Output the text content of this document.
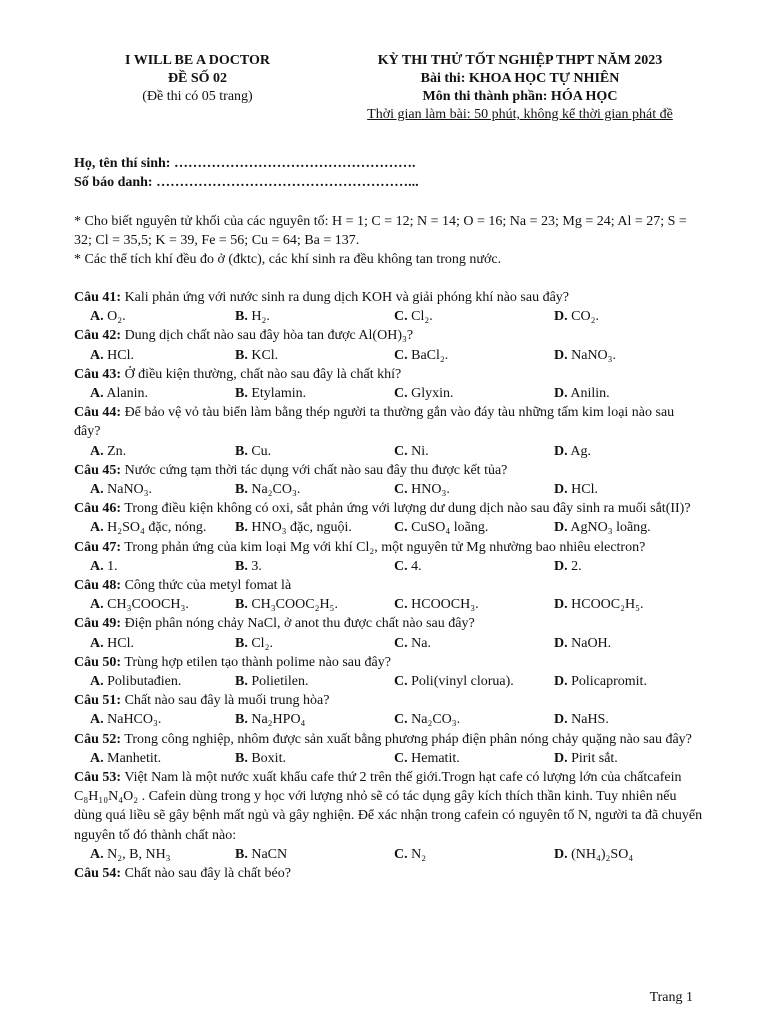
I WILL BE A DOCTOR
ĐỀ SỐ 02
(Đề thi có 05 trang)
KỲ THI THỬ TỐT NGHIỆP THPT NĂM 2023
Bài thi: KHOA HỌC TỰ NHIÊN
Môn thi thành phần: HÓA HỌC
Thời gian làm bài: 50 phút, không kể thời gian phát đề
Họ, tên thí sinh: …………………………………………….
Số báo danh: ………………………………………………...
* Cho biết nguyên tử khối của các nguyên tố: H = 1; C = 12; N = 14; O = 16; Na = 23; Mg = 24; Al = 27; S = 32; Cl = 35,5; K = 39, Fe = 56; Cu = 64; Ba = 137.
* Các thể tích khí đều đo ở (đktc), các khí sinh ra đều không tan trong nước.
Câu 41: Kali phản ứng với nước sinh ra dung dịch KOH và giải phóng khí nào sau đây?
A. O₂.	B. H₂.	C. Cl₂.	D. CO₂.
Câu 42: Dung dịch chất nào sau đây hòa tan được Al(OH)₃?
A. HCl.	B. KCl.	C. BaCl₂.	D. NaNO₃.
Câu 43: Ở điều kiện thường, chất nào sau đây là chất khí?
A. Alanin.	B. Etylamin.	C. Glyxin.	D. Anilin.
Câu 44: Để bảo vệ vỏ tàu biển làm bằng thép người ta thường gắn vào đáy tàu những tấm kim loại nào sau đây?
A. Zn.	B. Cu.	C. Ni.	D. Ag.
Câu 45: Nước cứng tạm thời tác dụng với chất nào sau đây thu được kết tủa?
A. NaNO₃.	B. Na₂CO₃.	C. HNO₃.	D. HCl.
Câu 46: Trong điều kiện không có oxi, sắt phản ứng với lượng dư dung dịch nào sau đây sinh ra muối sắt(II)?
A. H₂SO₄ đặc, nóng.	B. HNO₃ đặc, nguội.	C. CuSO₄ loãng.	D. AgNO₃ loãng.
Câu 47: Trong phản ứng của kim loại Mg với khí Cl₂, một nguyên tử Mg nhường bao nhiêu electron?
A. 1.	B. 3.	C. 4.	D. 2.
Câu 48: Công thức của metyl fomat là
A. CH₃COOCH₃.	B. CH₃COOC₂H₅.	C. HCOOCH₃.	D. HCOOC₂H₅.
Câu 49: Điện phân nóng chảy NaCl, ở anot thu được chất nào sau đây?
A. HCl.	B. Cl₂.	C. Na.	D. NaOH.
Câu 50: Trùng hợp etilen tạo thành polime nào sau đây?
A. Polibutađien.	B. Polietilen.	C. Poli(vinyl clorua).	D. Policapromit.
Câu 51: Chất nào sau đây là muối trung hòa?
A. NaHCO₃.	B. Na₂HPO₄	C. Na₂CO₃.	D. NaHS.
Câu 52: Trong công nghiệp, nhôm được sản xuất bằng phương pháp điện phân nóng chảy quặng nào sau đây?
A. Manhetit.	B. Boxit.	C. Hematit.	D. Pirit sắt.
Câu 53: Việt Nam là một nước xuất khẩu cafe thứ 2 trên thế giới.Trogn hạt cafe có lượng lớn của chấtcafein C₈H₁₀N₄O₂ . Cafein dùng trong y học với lượng nhỏ sẽ có tác dụng gây kích thích thần kinh. Tuy nhiên nếu dùng quá liều sẽ gây bệnh mất ngủ và gây nghiện. Để xác nhận trong cafein có nguyên tố N, người ta đã chuyển nguyên tố đó thành chất nào:
A. N₂, B, NH₃	B. NaCN	C. N₂	D. (NH₄)₂SO₄
Câu 54: Chất nào sau đây là chất béo?
Trang 1
